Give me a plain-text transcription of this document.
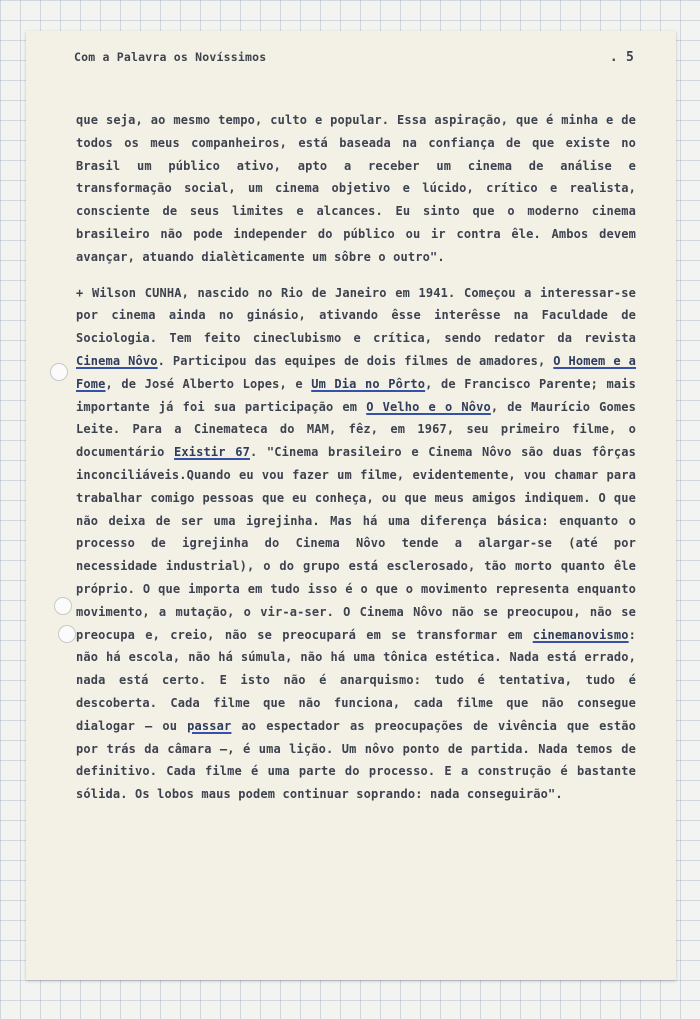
Com a Palavra os Novíssimos	. 5

que seja, ao mesmo tempo, culto e popular. Essa aspiração, que é minha e de todos os meus companheiros, está baseada na confiança de que existe no Brasil um público ativo, apto a receber um cinema de análise e transformação social, um cinema objetivo e lúcido, crítico e realista, consciente de seus limites e alcances. Eu sinto que o moderno cinema brasileiro não pode independer do público ou ir contra êle. Ambos devem avançar, atuando dialèticamente um sôbre o outro".

+ Wilson CUNHA, nascido no Rio de Janeiro em 1941. Começou a interessar-se por cinema ainda no ginásio, ativando êsse interêsse na Faculdade de Sociologia. Tem feito cineclubismo e crítica, sendo redator da revista Cinema Nôvo. Participou das equipes de dois filmes de amadores, O Homem e a Fome, de José Alberto Lopes, e Um Dia no Pôrto, de Francisco Parente; mais importante já foi sua participação em O Velho e o Nôvo, de Maurício Gomes Leite. Para a Cinemateca do MAM, fêz, em 1967, seu primeiro filme, o documentário Existir 67. "Cinema brasileiro e Cinema Nôvo são duas fôrças inconciliáveis.Quando eu vou fazer um filme, evidentemente, vou chamar para trabalhar comigo pessoas que eu conheça, ou que meus amigos indiquem. O que não deixa de ser uma igrejinha. Mas há uma diferença básica: enquanto o processo de igrejinha do Cinema Nôvo tende a alargar-se (até por necessidade industrial), o do grupo está esclerosado, tão morto quanto êle próprio. O que importa em tudo isso é o que o movimento representa enquanto movimento, a mutação, o vir-a-ser. O Cinema Nôvo não se preocupou, não se preocupa e, creio, não se preocupará em se transformar em cinemanovismo: não há escola, não há súmula, não há uma tônica estética. Nada está errado, nada está certo. E isto não é anarquismo: tudo é tentativa, tudo é descoberta. Cada filme que não funciona, cada filme que não consegue dialogar — ou passar ao espectador as preocupações de vivência que estão por trás da câmara —, é uma lição. Um nôvo ponto de partida. Nada temos de definitivo. Cada filme é uma parte do processo. E a construção é bastante sólida. Os lobos maus podem continuar soprando: nada conseguirão".
